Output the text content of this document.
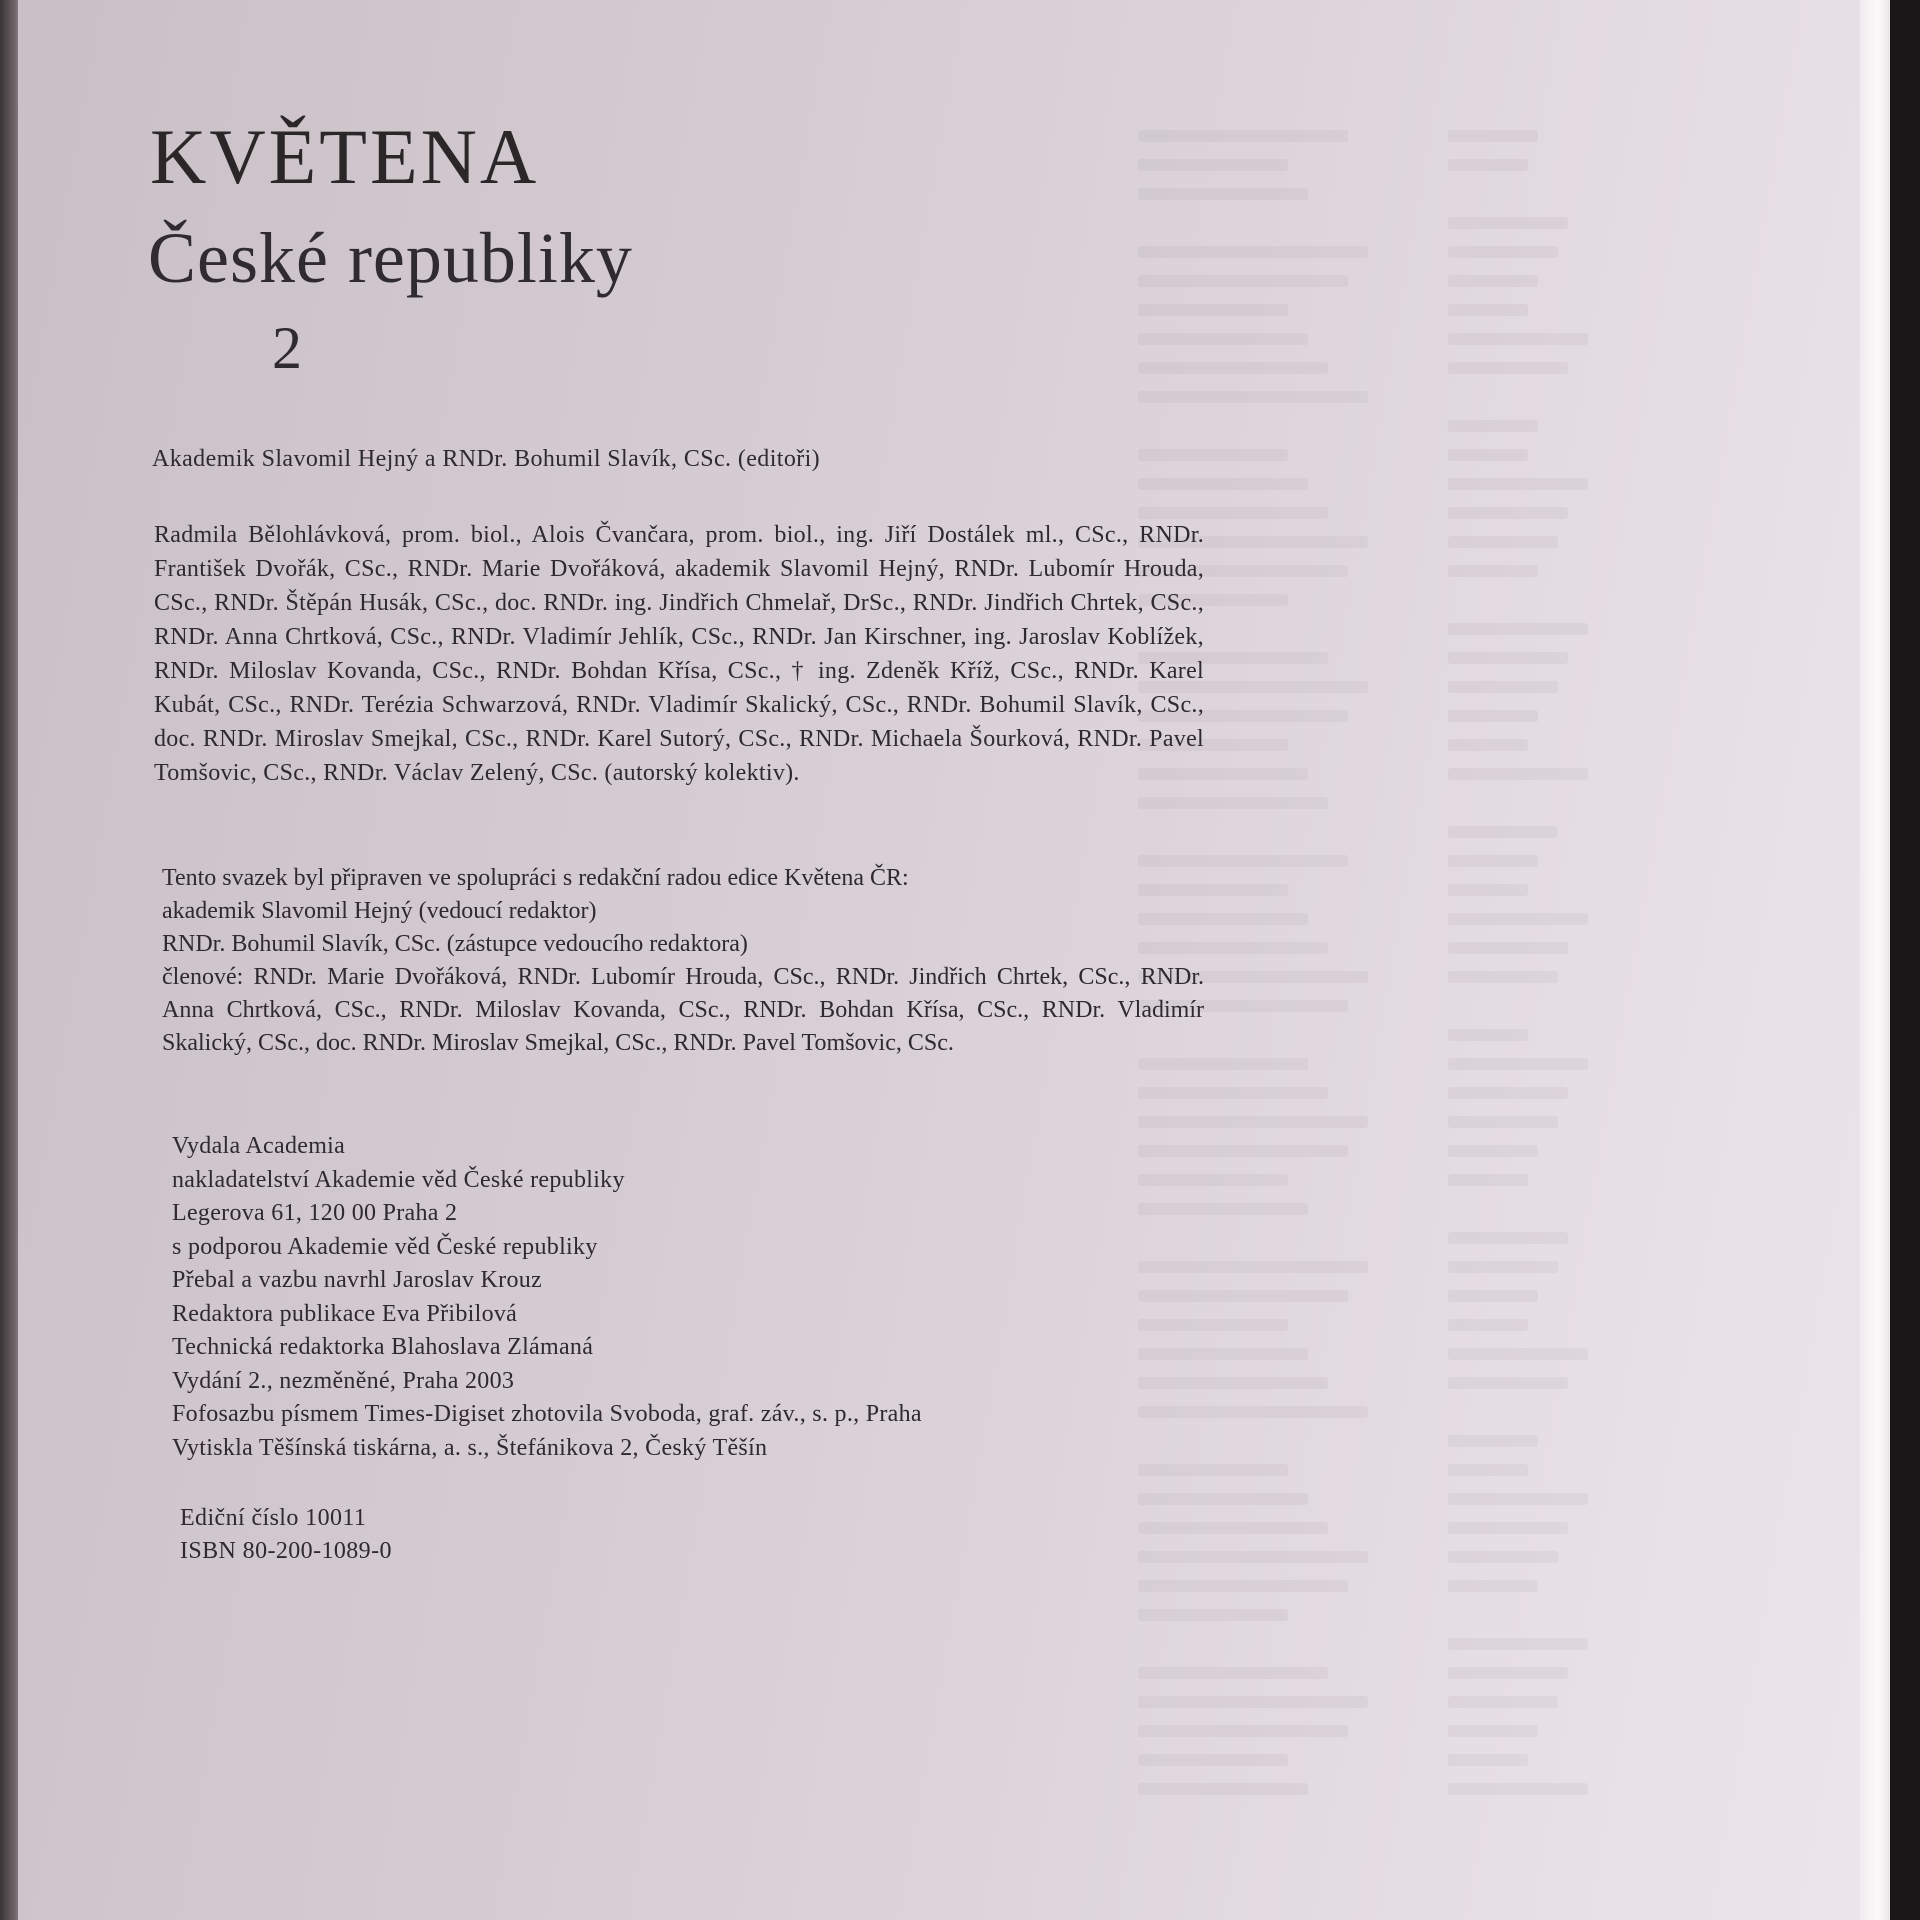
KVĚTENA
České republiky
2

Akademik Slavomil Hejný a RNDr. Bohumil Slavík, CSc. (editoři)

Radmila Bělohlávková, prom. biol., Alois Čvančara, prom. biol., ing. Jiří Dostálek ml., CSc., RNDr. František Dvořák, CSc., RNDr. Marie Dvořáková, akademik Slavomil Hejný, RNDr. Lubomír Hrouda, CSc., RNDr. Štěpán Husák, CSc., doc. RNDr. ing. Jindřich Chmelař, DrSc., RNDr. Jindřich Chrtek, CSc., RNDr. Anna Chrtková, CSc., RNDr. Vladimír Jehlík, CSc., RNDr. Jan Kirschner, ing. Jaroslav Koblížek, RNDr. Miloslav Kovanda, CSc., RNDr. Bohdan Křísa, CSc., † ing. Zdeněk Kříž, CSc., RNDr. Karel Kubát, CSc., RNDr. Terézia Schwarzová, RNDr. Vladimír Skalický, CSc., RNDr. Bohumil Slavík, CSc., doc. RNDr. Miroslav Smejkal, CSc., RNDr. Karel Sutorý, CSc., RNDr. Michaela Šourková, RNDr. Pavel Tomšovic, CSc., RNDr. Václav Zelený, CSc. (autorský kolektiv).

Tento svazek byl připraven ve spolupráci s redakční radou edice Květena ČR:
akademik Slavomil Hejný (vedoucí redaktor)
RNDr. Bohumil Slavík, CSc. (zástupce vedoucího redaktora)
členové: RNDr. Marie Dvořáková, RNDr. Lubomír Hrouda, CSc., RNDr. Jindřich Chrtek, CSc., RNDr. Anna Chrtková, CSc., RNDr. Miloslav Kovanda, CSc., RNDr. Bohdan Křísa, CSc., RNDr. Vladimír Skalický, CSc., doc. RNDr. Miroslav Smejkal, CSc., RNDr. Pavel Tomšovic, CSc.

Vydala Academia
nakladatelství Akademie věd České republiky
Legerova 61, 120 00 Praha 2
s podporou Akademie věd České republiky
Přebal a vazbu navrhl Jaroslav Krouz
Redaktora publikace Eva Přibilová
Technická redaktorka Blahoslava Zlámaná
Vydání 2., nezměněné, Praha 2003
Fofosazbu písmem Times-Digiset zhotovila Svoboda, graf. záv., s. p., Praha
Vytiskla Těšínská tiskárna, a. s., Štefánikova 2, Český Těšín

Ediční číslo 10011
ISBN 80-200-1089-0
